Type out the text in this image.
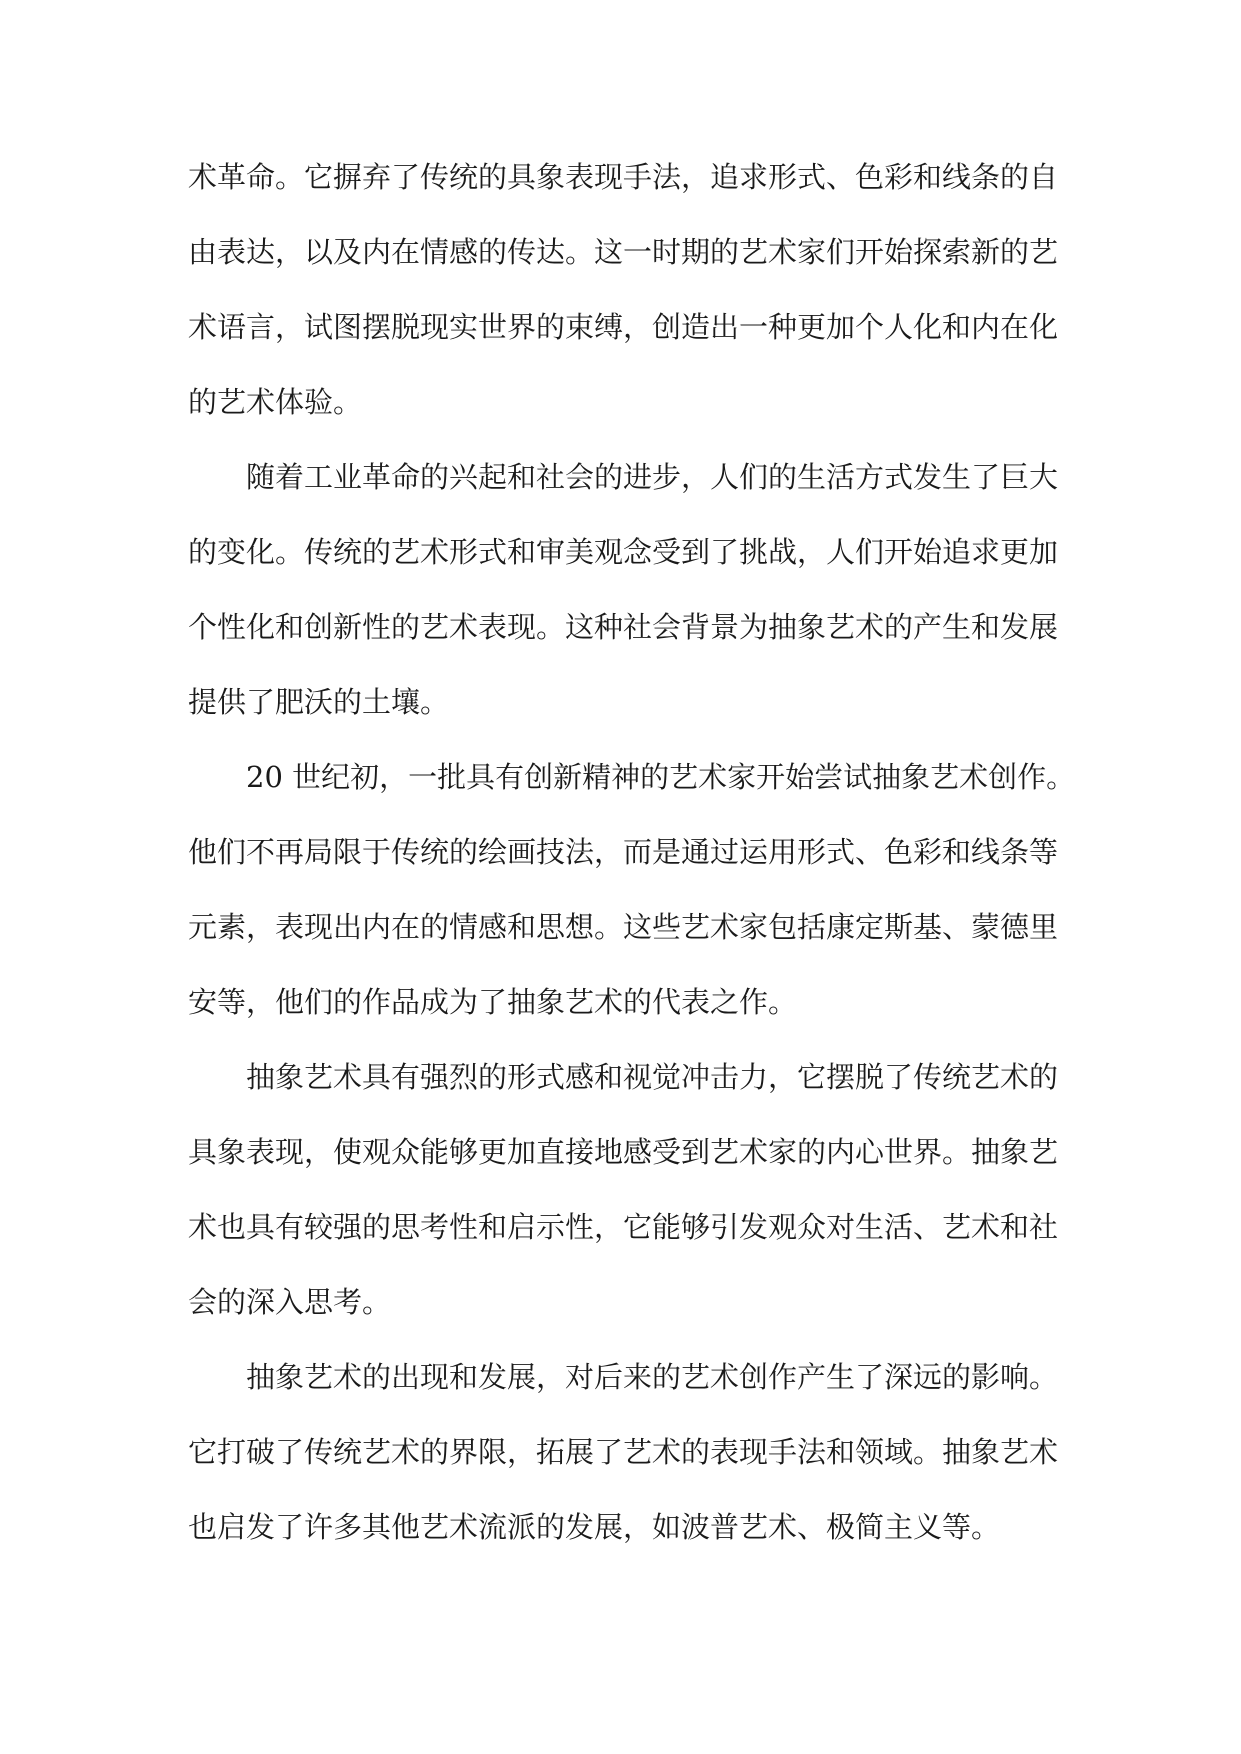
术革命。它摒弃了传统的具象表现手法，追求形式、色彩和线条的自
由表达，以及内在情感的传达。这一时期的艺术家们开始探索新的艺
术语言，试图摆脱现实世界的束缚，创造出一种更加个人化和内在化
的艺术体验。
随着工业革命的兴起和社会的进步，人们的生活方式发生了巨大
的变化。传统的艺术形式和审美观念受到了挑战，人们开始追求更加
个性化和创新性的艺术表现。这种社会背景为抽象艺术的产生和发展
提供了肥沃的土壤。
20 世纪初，一批具有创新精神的艺术家开始尝试抽象艺术创作。
他们不再局限于传统的绘画技法，而是通过运用形式、色彩和线条等
元素，表现出内在的情感和思想。这些艺术家包括康定斯基、蒙德里
安等，他们的作品成为了抽象艺术的代表之作。
抽象艺术具有强烈的形式感和视觉冲击力，它摆脱了传统艺术的
具象表现，使观众能够更加直接地感受到艺术家的内心世界。抽象艺
术也具有较强的思考性和启示性，它能够引发观众对生活、艺术和社
会的深入思考。
抽象艺术的出现和发展，对后来的艺术创作产生了深远的影响。
它打破了传统艺术的界限，拓展了艺术的表现手法和领域。抽象艺术
也启发了许多其他艺术流派的发展，如波普艺术、极简主义等。
